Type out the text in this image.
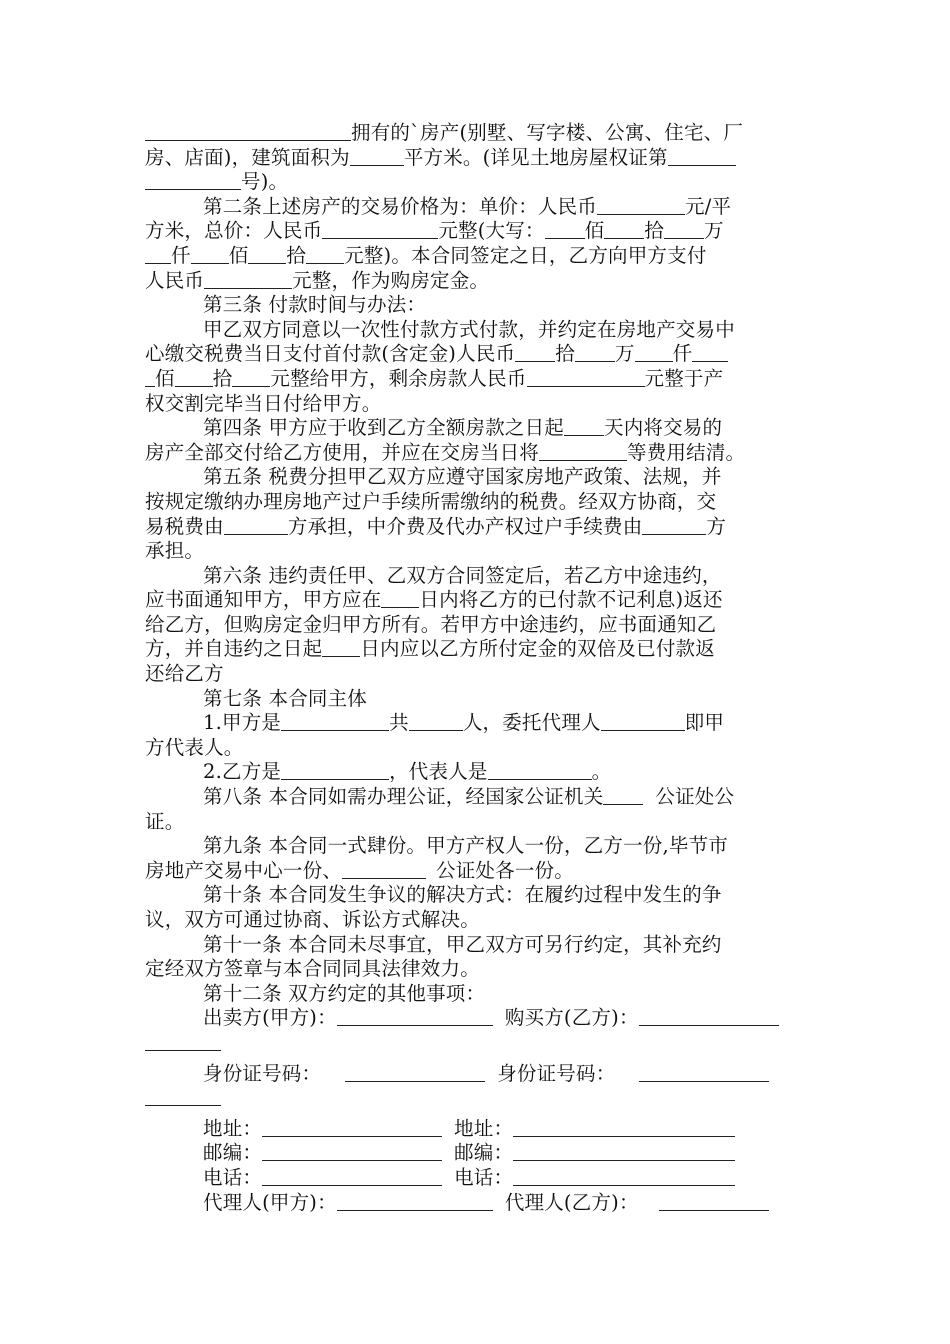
拥有的`房产(别墅、写字楼、公寓、住宅、厂
房、店面)，建筑面积为	平方米。(详见土地房屋权证第
号)。
第二条上述房产的交易价格为：单价：人民币	元/平
方米，总价：人民币	元整(大写： 佰 拾 万
仟 佰 拾 元整)。本合同签定之日，乙方向甲方支付
人民币	元整，作为购房定金。
第三条 付款时间与办法：
甲乙双方同意以一次性付款方式付款，并约定在房地产交易中
心缴交税费当日支付首付款(含定金)人民币 拾 万 仟
佰 拾 元整给甲方，剩余房款人民币	元整于产
权交割完毕当日付给甲方。
第四条 甲方应于收到乙方全额房款之日起 天内将交易的
房产全部交付给乙方使用，并应在交房当日将	等费用结清。
第五条 税费分担甲乙双方应遵守国家房地产政策、法规，并
按规定缴纳办理房地产过户手续所需缴纳的税费。经双方协商，交
易税费由	方承担，中介费及代办产权过户手续费由	方
承担。
第六条 违约责任甲、乙双方合同签定后，若乙方中途违约，
应书面通知甲方，甲方应在 日内将乙方的已付款不记利息)返还
给乙方，但购房定金归甲方所有。若甲方中途违约，应书面通知乙
方，并自违约之日起 日内应以乙方所付定金的双倍及已付款返
还给乙方
第七条 本合同主体
1.甲方是	共	人，委托代理人	即甲
方代表人。
2.乙方是	，代表人是	。
第八条 本合同如需办理公证，经国家公证机关	公证处公
证。
第九条 本合同一式肆份。甲方产权人一份，乙方一份,毕节市
房地产交易中心一份、	公证处各一份。
第十条 本合同发生争议的解决方式：在履约过程中发生的争
议，双方可通过协商、诉讼方式解决。
第十一条 本合同未尽事宜，甲乙双方可另行约定，其补充约
定经双方签章与本合同同具法律效力。
第十二条 双方约定的其他事项：
出卖方(甲方)：	购买方(乙方)：
身份证号码：	身份证号码：
地址：	地址：
邮编：	邮编：
电话：	电话：
代理人(甲方)：	代理人(乙方)：
